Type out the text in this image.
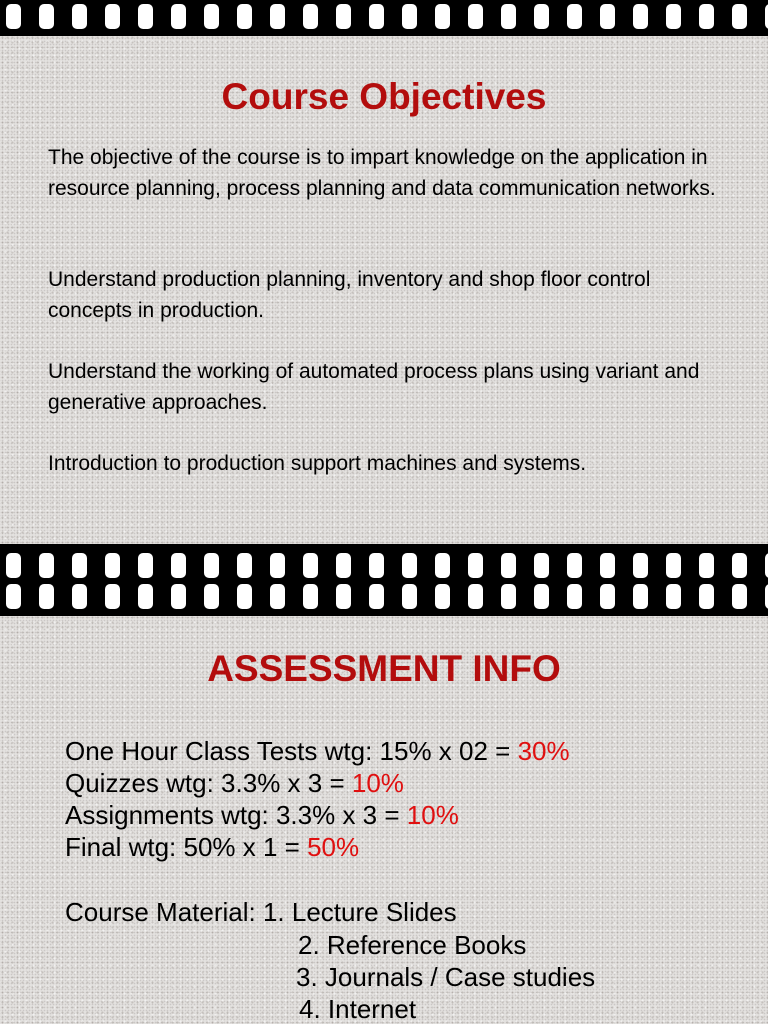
Course Objectives
The objective of the course is to impart knowledge on the application in resource planning, process planning and data communication networks.
Understand production planning, inventory and shop floor control concepts in production.
Understand the working of automated process plans using variant and generative approaches.
Introduction to production support machines and systems.
ASSESSMENT INFO
One Hour Class Tests wtg: 15% x 02 = 30%
Quizzes wtg: 3.3% x 3 = 10%
Assignments wtg: 3.3% x 3 = 10%
Final wtg: 50% x 1 = 50%
Course Material: 1. Lecture Slides
2. Reference Books
3. Journals / Case studies
4. Internet
